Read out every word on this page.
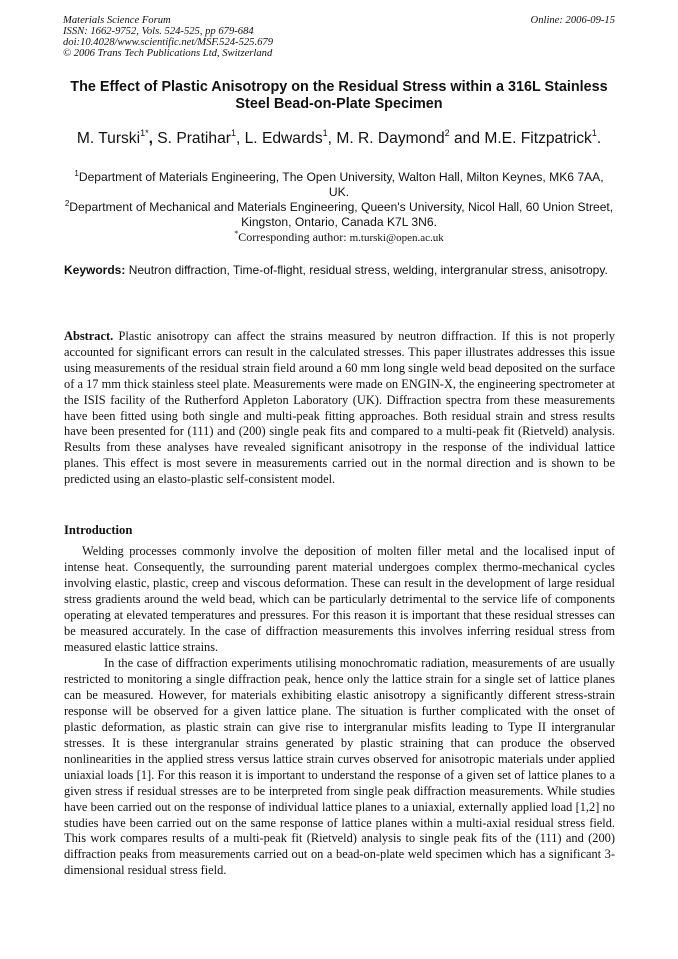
Materials Science Forum
ISSN: 1662-9752, Vols. 524-525, pp 679-684
doi:10.4028/www.scientific.net/MSF.524-525.679
© 2006 Trans Tech Publications Ltd, Switzerland
Online: 2006-09-15
The Effect of Plastic Anisotropy on the Residual Stress within a 316L Stainless Steel Bead-on-Plate Specimen
M. Turski$^{1*}$, S. Pratihar$^1$, L. Edwards$^1$, M. R. Daymond$^2$ and M.E. Fitzpatrick$^1$.
$^1$Department of Materials Engineering, The Open University, Walton Hall, Milton Keynes, MK6 7AA, UK.
$^2$Department of Mechanical and Materials Engineering, Queen's University, Nicol Hall, 60 Union Street, Kingston, Ontario, Canada K7L 3N6.
*Corresponding author: m.turski@open.ac.uk
Keywords: Neutron diffraction, Time-of-flight, residual stress, welding, intergranular stress, anisotropy.
Abstract. Plastic anisotropy can affect the strains measured by neutron diffraction. If this is not properly accounted for significant errors can result in the calculated stresses. This paper illustrates addresses this issue using measurements of the residual strain field around a 60 mm long single weld bead deposited on the surface of a 17 mm thick stainless steel plate. Measurements were made on ENGIN-X, the engineering spectrometer at the ISIS facility of the Rutherford Appleton Laboratory (UK). Diffraction spectra from these measurements have been fitted using both single and multi-peak fitting approaches. Both residual strain and stress results have been presented for (111) and (200) single peak fits and compared to a multi-peak fit (Rietveld) analysis. Results from these analyses have revealed significant anisotropy in the response of the individual lattice planes. This effect is most severe in measurements carried out in the normal direction and is shown to be predicted using an elasto-plastic self-consistent model.
Introduction
Welding processes commonly involve the deposition of molten filler metal and the localised input of intense heat. Consequently, the surrounding parent material undergoes complex thermo-mechanical cycles involving elastic, plastic, creep and viscous deformation. These can result in the development of large residual stress gradients around the weld bead, which can be particularly detrimental to the service life of components operating at elevated temperatures and pressures. For this reason it is important that these residual stresses can be measured accurately. In the case of diffraction measurements this involves inferring residual stress from measured elastic lattice strains.
In the case of diffraction experiments utilising monochromatic radiation, measurements of are usually restricted to monitoring a single diffraction peak, hence only the lattice strain for a single set of lattice planes can be measured. However, for materials exhibiting elastic anisotropy a significantly different stress-strain response will be observed for a given lattice plane. The situation is further complicated with the onset of plastic deformation, as plastic strain can give rise to intergranular misfits leading to Type II intergranular stresses. It is these intergranular strains generated by plastic straining that can produce the observed nonlinearities in the applied stress versus lattice strain curves observed for anisotropic materials under applied uniaxial loads [1]. For this reason it is important to understand the response of a given set of lattice planes to a given stress if residual stresses are to be interpreted from single peak diffraction measurements. While studies have been carried out on the response of individual lattice planes to a uniaxial, externally applied load [1,2] no studies have been carried out on the same response of lattice planes within a multi-axial residual stress field. This work compares results of a multi-peak fit (Rietveld) analysis to single peak fits of the (111) and (200) diffraction peaks from measurements carried out on a bead-on-plate weld specimen which has a significant 3-dimensional residual stress field.
